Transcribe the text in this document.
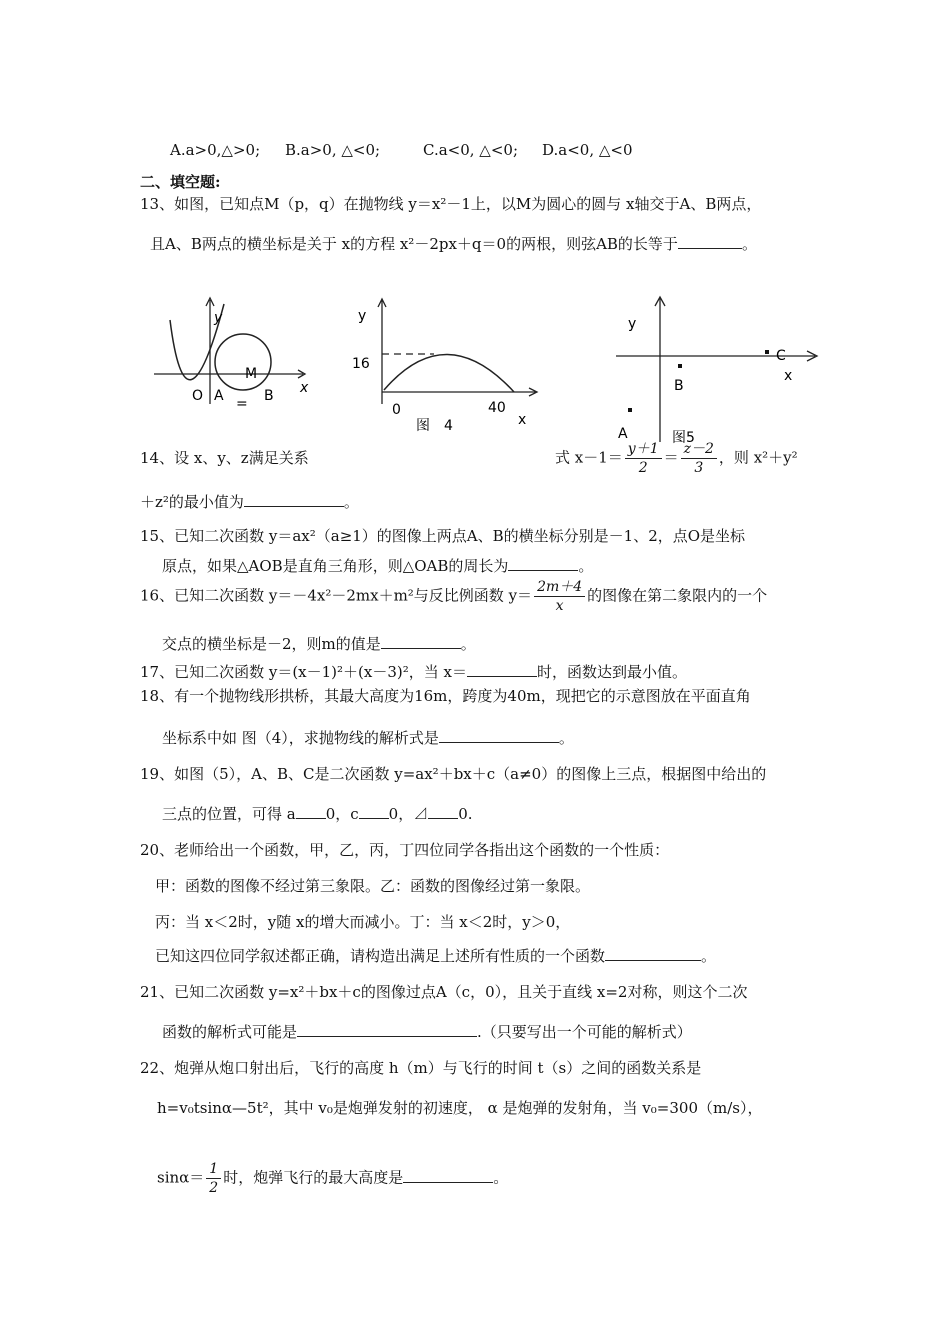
A.a>0,△>0; B.a>0, △<0;	C.a<0, △<0; D.a<0, △<0
二、填空题:
13、如图，已知点M（p，q）在抛物线 y＝x²－1上，以M为圆心的圆与 x轴交于A、B两点，
且A、B两点的横坐标是关于 x的方程 x²－2px＋q＝0的两根，则弦AB的长等于	。
y
x
M
O A = B
y
16
0	40
x
图　4
y
B
C
x
A	图5
14、设 x、y、z满足关系	式 $x-1= \frac{y+1}{2} = \frac{z-2}{3}$ ，则 x²＋y²
＋z²的最小值为	。
15、已知二次函数 y＝ax²（a≥1）的图像上两点A、B的横坐标分别是－1、2，点O是坐标
原点，如果△AOB是直角三角形，则△OAB的周长为	。
16、已知二次函数 y＝－4x²－2mx＋m²与反比例函数 $y= \frac{2m+4}{x}$ 的图像在第二象限内的一个
交点的横坐标是－2，则m的值是	。
17、已知二次函数 y＝(x－1)²＋(x－3)²，当 x＝	时，函数达到最小值。
18、有一个抛物线形拱桥，其最大高度为16m，跨度为40m，现把它的示意图放在平面直角
坐标系中如 图（4），求抛物线的解析式是	。
19、如图（5），A、B、C是二次函数 y=ax²＋bx＋c（a≠0）的图像上三点，根据图中给出的
三点的位置，可得 a 0，c 0，⊿ 0.
20、老师给出一个函数，甲，乙，丙，丁四位同学各指出这个函数的一个性质：
甲：函数的图像不经过第三象限。乙：函数的图像经过第一象限。
丙：当 x＜2时，y随 x的增大而减小。丁：当 x＜2时，y＞0，
已知这四位同学叙述都正确，请构造出满足上述所有性质的一个函数	。
21、已知二次函数 y=x²＋bx＋c的图像过点A（c，0），且关于直线 x=2对称，则这个二次
函数的解析式可能是	.（只要写出一个可能的解析式）
22、炮弹从炮口射出后，飞行的高度 h（m）与飞行的时间 t（s）之间的函数关系是
h=v₀tsinα—5t²，其中 v₀是炮弹发射的初速度， α 是炮弹的发射角，当 v₀=300（m/s），
$\sin\alpha= \frac{1}{2}$ 时，炮弹飞行的最大高度是	。
